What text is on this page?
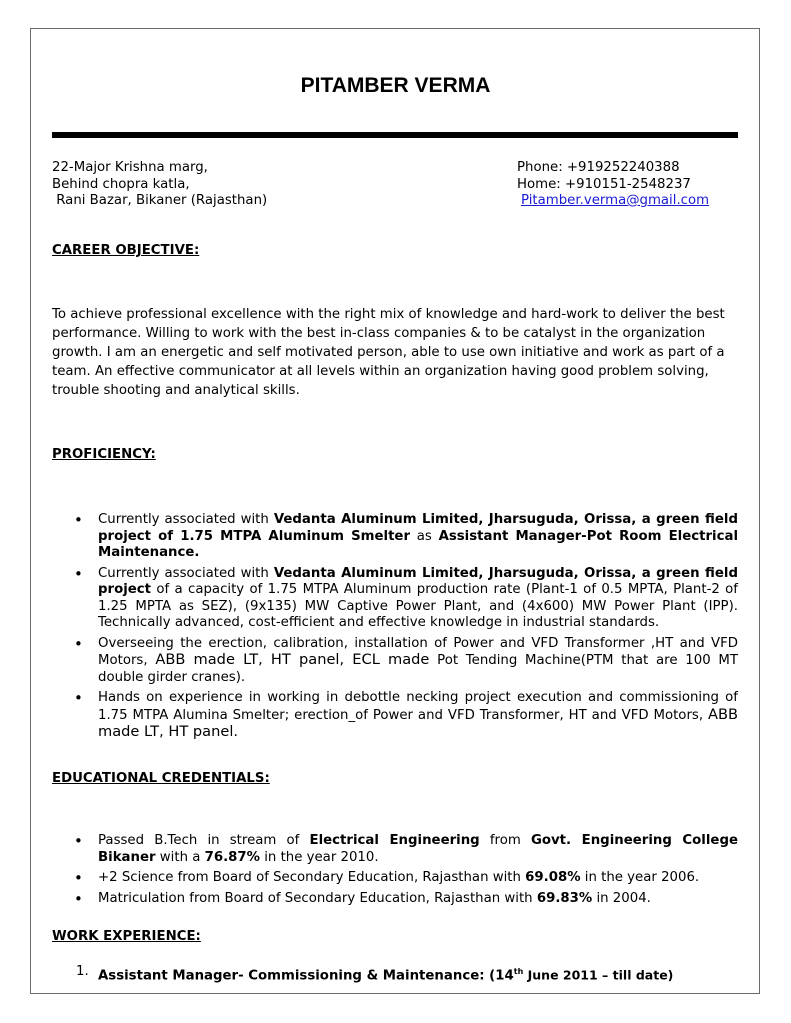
PITAMBER VERMA
22-Major Krishna marg,
Behind chopra katla,
Rani Bazar, Bikaner (Rajasthan)
Phone: +919252240388
Home: +910151-2548237
Pitamber.verma@gmail.com
CAREER OBJECTIVE:
To achieve professional excellence with the right mix of knowledge and hard-work to deliver the best performance. Willing to work with the best in-class companies & to be catalyst in the organization growth. I am an energetic and self motivated person, able to use own initiative and work as part of a team. An effective communicator at all levels within an organization having good problem solving, trouble shooting and analytical skills.
PROFICIENCY:
• Currently associated with Vedanta Aluminum Limited, Jharsuguda, Orissa, a green field project of 1.75 MTPA Aluminum Smelter as Assistant Manager-Pot Room Electrical Maintenance.
• Currently associated with Vedanta Aluminum Limited, Jharsuguda, Orissa, a green field project of a capacity of 1.75 MTPA Aluminum production rate (Plant-1 of 0.5 MPTA, Plant-2 of 1.25 MPTA as SEZ), (9x135) MW Captive Power Plant, and (4x600) MW Power Plant (IPP). Technically advanced, cost-efficient and effective knowledge in industrial standards.
• Overseeing the erection, calibration, installation of Power and VFD Transformer ,HT and VFD Motors, ABB made LT, HT panel, ECL made Pot Tending Machine(PTM that are 100 MT double girder cranes).
• Hands on experience in working in debottle necking project execution and commissioning of 1.75 MTPA Alumina Smelter; erection_of Power and VFD Transformer, HT and VFD Motors, ABB made LT, HT panel.
EDUCATIONAL CREDENTIALS:
• Passed B.Tech in stream of Electrical Engineering from Govt. Engineering College Bikaner with a 76.87% in the year 2010.
• +2 Science from Board of Secondary Education, Rajasthan with 69.08% in the year 2006.
• Matriculation from Board of Secondary Education, Rajasthan with 69.83% in 2004.
WORK EXPERIENCE:
1. Assistant Manager- Commissioning & Maintenance: (14th June 2011 – till date)
